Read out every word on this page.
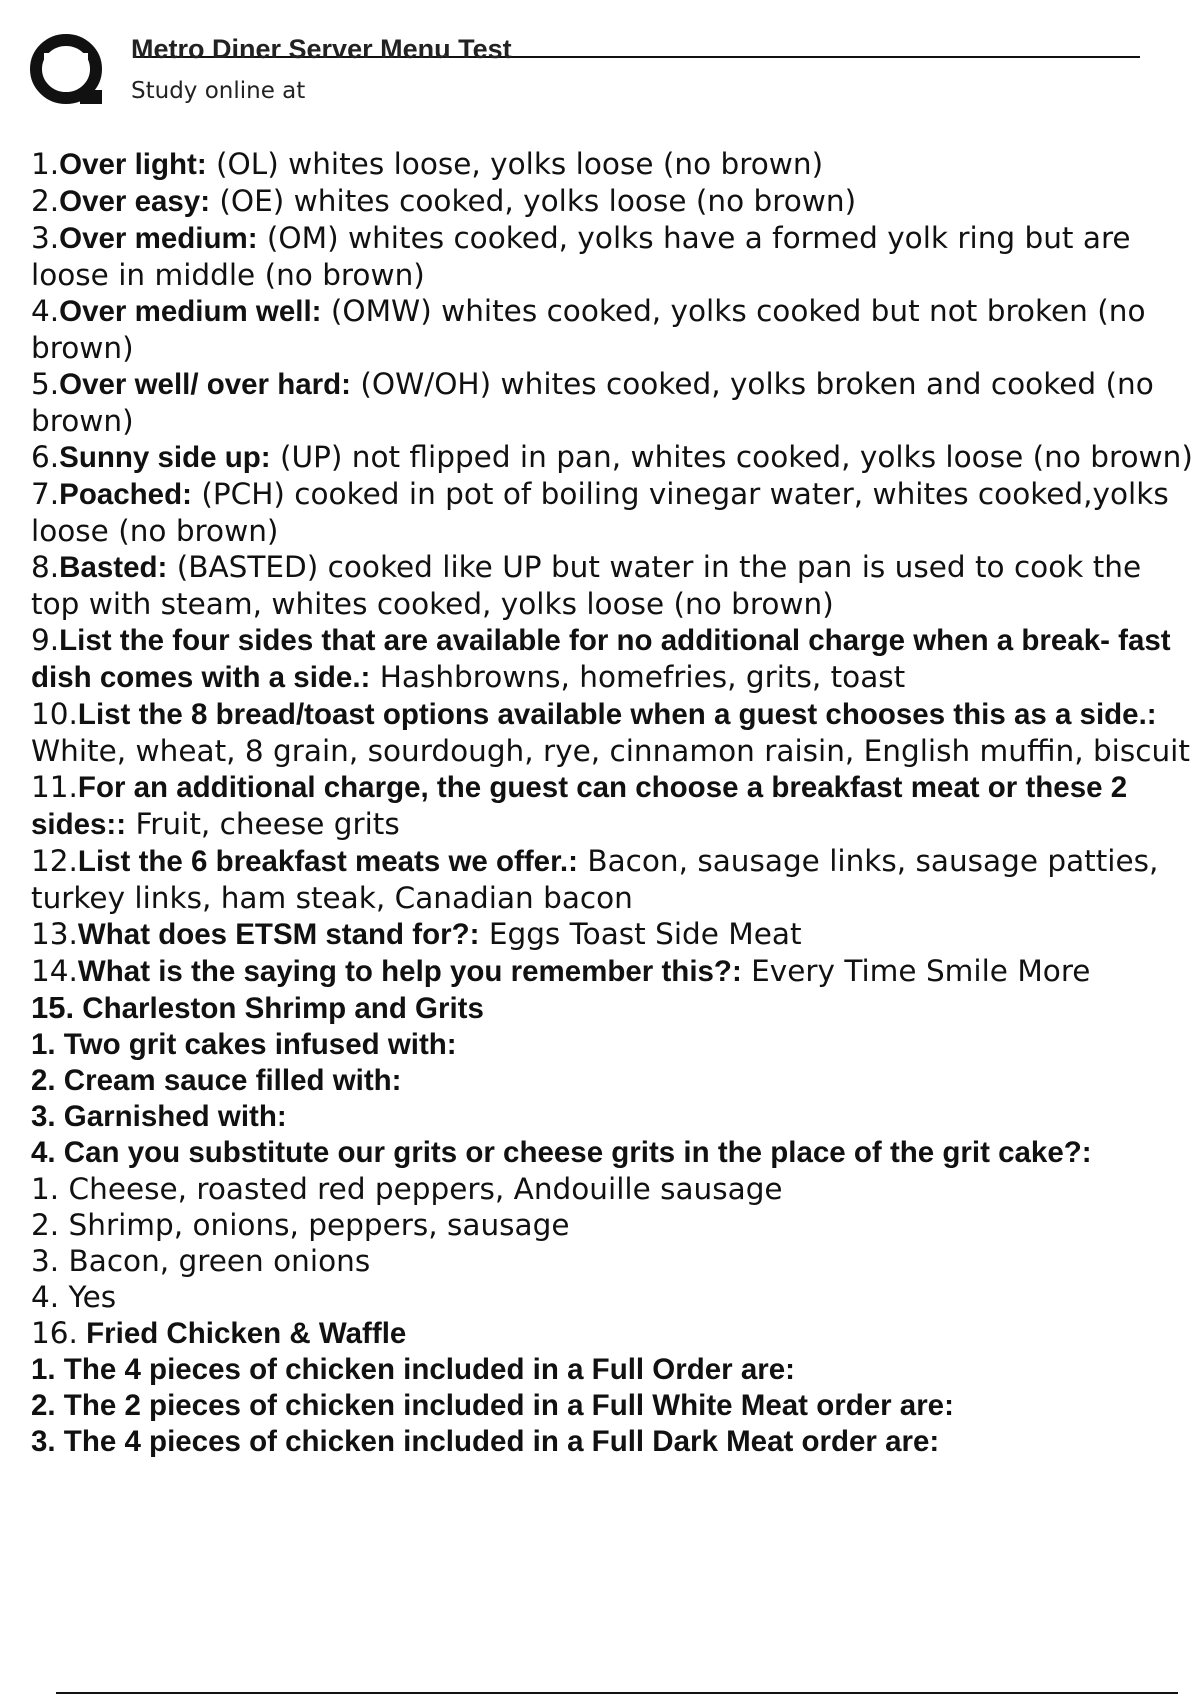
Metro Diner Server Menu Test
Study online at

1.Over light: (OL) whites loose, yolks loose (no brown)

2.Over easy: (OE) whites cooked, yolks loose (no brown)

3.Over medium: (OM) whites cooked, yolks have a formed yolk ring but are loose in middle (no brown)

4.Over medium well: (OMW) whites cooked, yolks cooked but not broken (no brown)

5.Over well/ over hard: (OW/OH) whites cooked, yolks broken and cooked (no brown)

6.Sunny side up: (UP) not flipped in pan, whites cooked, yolks loose (no brown)

7.Poached: (PCH) cooked in pot of boiling vinegar water, whites cooked,yolks loose (no brown)

8.Basted: (BASTED) cooked like UP but water in the pan is used to cook the top with steam, whites cooked, yolks loose (no brown)

9.List the four sides that are available for no additional charge when a break- fast dish comes with a side.: Hashbrowns, homefries, grits, toast

10.List the 8 bread/toast options available when a guest chooses this as a side.: White, wheat, 8 grain, sourdough, rye, cinnamon raisin, English muffin, biscuit

11.For an additional charge, the guest can choose a breakfast meat or these 2 sides:: Fruit, cheese grits

12.List the 6 breakfast meats we offer.: Bacon, sausage links, sausage patties, turkey links, ham steak, Canadian bacon

13.What does ETSM stand for?: Eggs Toast Side Meat

14.What is the saying to help you remember this?: Every Time Smile More

15. Charleston Shrimp and Grits

1. Two grit cakes infused with:
2. Cream sauce filled with:
3. Garnished with:
4. Can you substitute our grits or cheese grits in the place of the grit cake?:
1. Cheese, roasted red peppers, Andouille sausage
2. Shrimp, onions, peppers, sausage
3. Bacon, green onions
4. Yes

16. Fried Chicken & Waffle

1. The 4 pieces of chicken included in a Full Order are:
2. The 2 pieces of chicken included in a Full White Meat order are:
3. The 4 pieces of chicken included in a Full Dark Meat order are:
